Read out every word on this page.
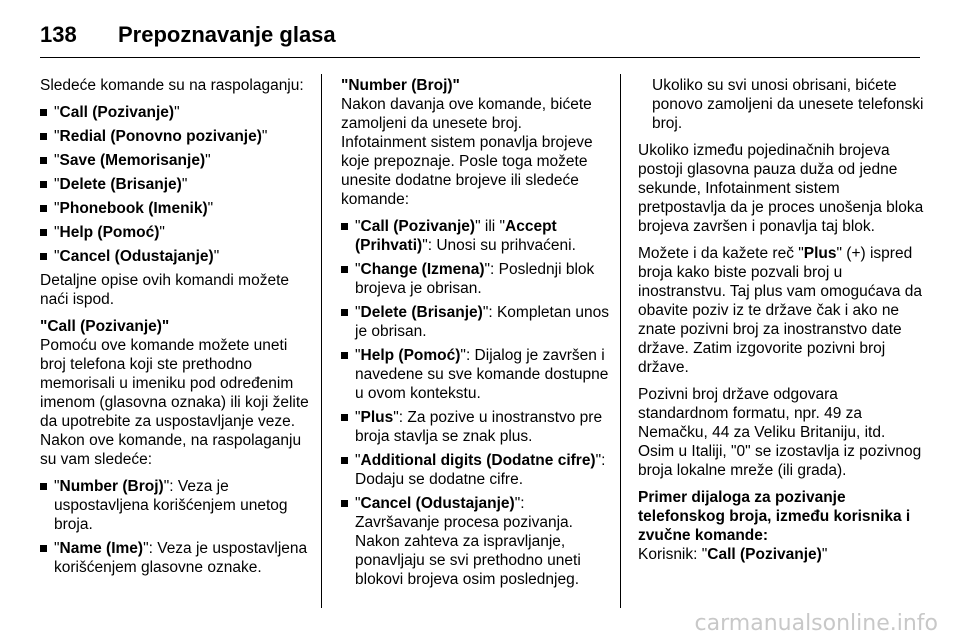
138 Prepoznavanje glasa

Sledeće komande su na raspolaganju:

"Call (Pozivanje)"
"Redial (Ponovno pozivanje)"
"Save (Memorisanje)"
"Delete (Brisanje)"
"Phonebook (Imenik)"
"Help (Pomoć)"
"Cancel (Odustajanje)"

Detaljne opise ovih komandi možete naći ispod.

"Call (Pozivanje)"

Pomoću ove komande možete uneti broj telefona koji ste prethodno memorisali u imeniku pod određenim imenom (glasovna oznaka) ili koji želite da upotrebite za uspostavljanje veze. Nakon ove komande, na raspolaganju su vam sledeće:

"Number (Broj)": Veza je uspostavljena korišćenjem unetog broja.
"Name (Ime)": Veza je uspostavljena korišćenjem glasovne oznake.

"Number (Broj)"

Nakon davanja ove komande, bićete zamoljeni da unesete broj. Infotainment sistem ponavlja brojeve koje prepoznaje. Posle toga možete unesite dodatne brojeve ili sledeće komande:

"Call (Pozivanje)" ili "Accept (Prihvati)": Unosi su prihvaćeni.
"Change (Izmena)": Poslednji blok brojeva je obrisan.
"Delete (Brisanje)": Kompletan unos je obrisan.
"Help (Pomoć)": Dijalog je završen i navedene su sve komande dostupne u ovom kontekstu.
"Plus": Za pozive u inostranstvo pre broja stavlja se znak plus.
"Additional digits (Dodatne cifre)": Dodaju se dodatne cifre.
"Cancel (Odustajanje)": Završavanje procesa pozivanja. Nakon zahteva za ispravljanje, ponavljaju se svi prethodno uneti blokovi brojeva osim poslednjeg.

Ukoliko su svi unosi obrisani, bićete ponovo zamoljeni da unesete telefonski broj.

Ukoliko između pojedinačnih brojeva postoji glasovna pauza duža od jedne sekunde, Infotainment sistem pretpostavlja da je proces unošenja bloka brojeva završen i ponavlja taj blok.

Možete i da kažete reč "Plus" (+) ispred broja kako biste pozvali broj u inostranstvu. Taj plus vam omogućava da obavite poziv iz te države čak i ako ne znate pozivni broj za inostranstvo date države. Zatim izgovorite pozivni broj države.

Pozivni broj države odgovara standardnom formatu, npr. 49 za Nemačku, 44 za Veliku Britaniju, itd. Osim u Italiji, "0" se izostavlja iz pozivnog broja lokalne mreže (ili grada).

Primer dijaloga za pozivanje telefonskog broja, između korisnika i zvučne komande:

Korisnik: "Call (Pozivanje)"

carmanualsonline.info
